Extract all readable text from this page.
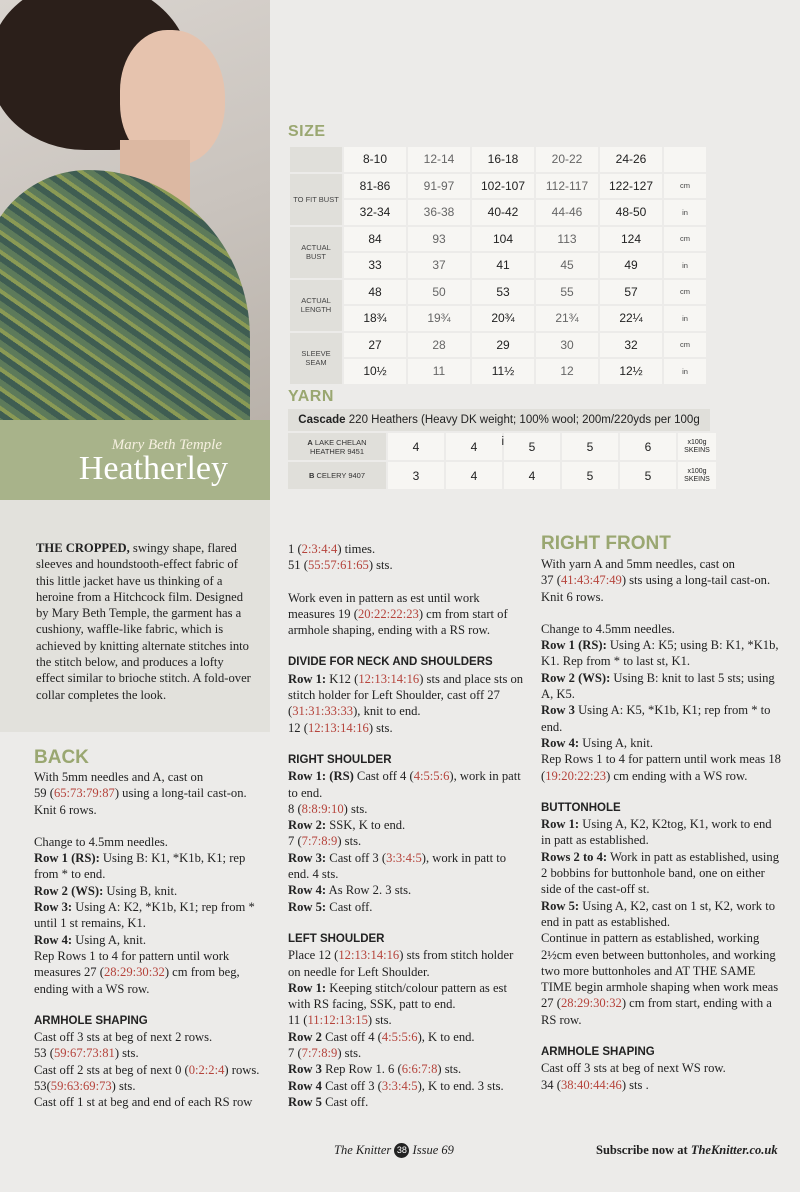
Mary Beth Temple
Heatherley
THE CROPPED, swingy shape, flared sleeves and houndstooth-effect fabric of this little jacket have us thinking of a heroine from a Hitchcock film. Designed by Mary Beth Temple, the garment has a cushiony, waffle-like fabric, which is achieved by knitting alternate stitches into the stitch below, and produces a lofty effect similar to brioche stitch. A fold-over collar completes the look.
SIZE
	8-10	12-14	16-18	20-22	24-26	
TO FIT BUST	81-86	91-97	102-107	112-117	122-127	cm
	32-34	36-38	40-42	44-46	48-50	in
ACTUAL BUST	84	93	104	113	124	cm
	33	37	41	45	49	in
ACTUAL LENGTH	48	50	53	55	57	cm
	18¾	19¾	20¾	21¾	22¼	in
SLEEVE SEAM	27	28	29	30	32	cm
	10½	11	11½	12	12½	in
YARN
Cascade 220 Heathers (Heavy DK weight; 100% wool; 200m/220yds per 100g
A LAKE CHELAN HEATHER 9451	4	4	5	5	6	x100g SKEINS
B CELERY 9407	3	4	4	5	5	x100g SKEINS
BACK

With 5mm needles and A, cast on
59 (65:73:79:87) using a long-tail cast-on.
Knit 6 rows.

Change to 4.5mm needles.

Row 1 (RS): Using B: K1, *K1b, K1; rep from * to end.

Row 2 (WS): Using B, knit.

Row 3: Using A: K2, *K1b, K1; rep from * until 1 st remains, K1.

Row 4: Using A, knit.

Rep Rows 1 to 4 for pattern until work measures 27 (28:29:30:32) cm from beg, ending with a WS row.

ARMHOLE SHAPING

Cast off 3 sts at beg of next 2 rows.

53 (59:67:73:81) sts.

Cast off 2 sts at beg of next 0 (0:2:2:4) rows.

53(59:63:69:73) sts.

Cast off 1 st at beg and end of each RS row

1 (2:3:4:4) times.

51 (55:57:61:65) sts.

Work even in pattern as est until work measures 19 (20:22:22:23) cm from start of armhole shaping, ending with a RS row.

DIVIDE FOR NECK AND SHOULDERS

Row 1: K12 (12:13:14:16) sts and place sts on stitch holder for Left Shoulder, cast off 27 (31:31:33:33), knit to end.

12 (12:13:14:16) sts.

RIGHT SHOULDER

Row 1: (RS) Cast off 4 (4:5:5:6), work in patt to end.

8 (8:8:9:10) sts.

Row 2: SSK, K to end.

7 (7:7:8:9) sts.

Row 3: Cast off 3 (3:3:4:5), work in patt to end. 4 sts.

Row 4: As Row 2. 3 sts.

Row 5: Cast off.

LEFT SHOULDER

Place 12 (12:13:14:16) sts from stitch holder on needle for Left Shoulder.

Row 1: Keeping stitch/colour pattern as est with RS facing, SSK, patt to end.

11 (11:12:13:15) sts.

Row 2 Cast off 4 (4:5:5:6), K to end.

7 (7:7:8:9) sts.

Row 3 Rep Row 1. 6 (6:6:7:8) sts.

Row 4 Cast off 3 (3:3:4:5), K to end. 3 sts.

Row 5 Cast off.

RIGHT FRONT

With yarn A and 5mm needles, cast on

37 (41:43:47:49) sts using a long-tail cast-on.

Knit 6 rows.

Change to 4.5mm needles.

Row 1 (RS): Using A: K5; using B: K1, *K1b, K1. Rep from * to last st, K1.

Row 2 (WS): Using B: knit to last 5 sts; using A, K5.

Row 3 Using A: K5, *K1b, K1; rep from * to end.

Row 4: Using A, knit.

Rep Rows 1 to 4 for pattern until work meas 18 (19:20:22:23) cm ending with a WS row.

BUTTONHOLE

Row 1: Using A, K2, K2tog, K1, work to end in patt as established.

Rows 2 to 4: Work in patt as established, using 2 bobbins for buttonhole band, one on either side of the cast-off st.

Row 5: Using A, K2, cast on 1 st, K2, work to end in patt as established.

Continue in pattern as established, working 2½cm even between buttonholes, and working two more buttonholes and AT THE SAME TIME begin armhole shaping when work meas 27 (28:29:30:32) cm from start, ending with a RS row.

ARMHOLE SHAPING

Cast off 3 sts at beg of next WS row.

34 (38:40:44:46) sts .

The Knitter 38 Issue 69	Subscribe now at TheKnitter.co.uk
